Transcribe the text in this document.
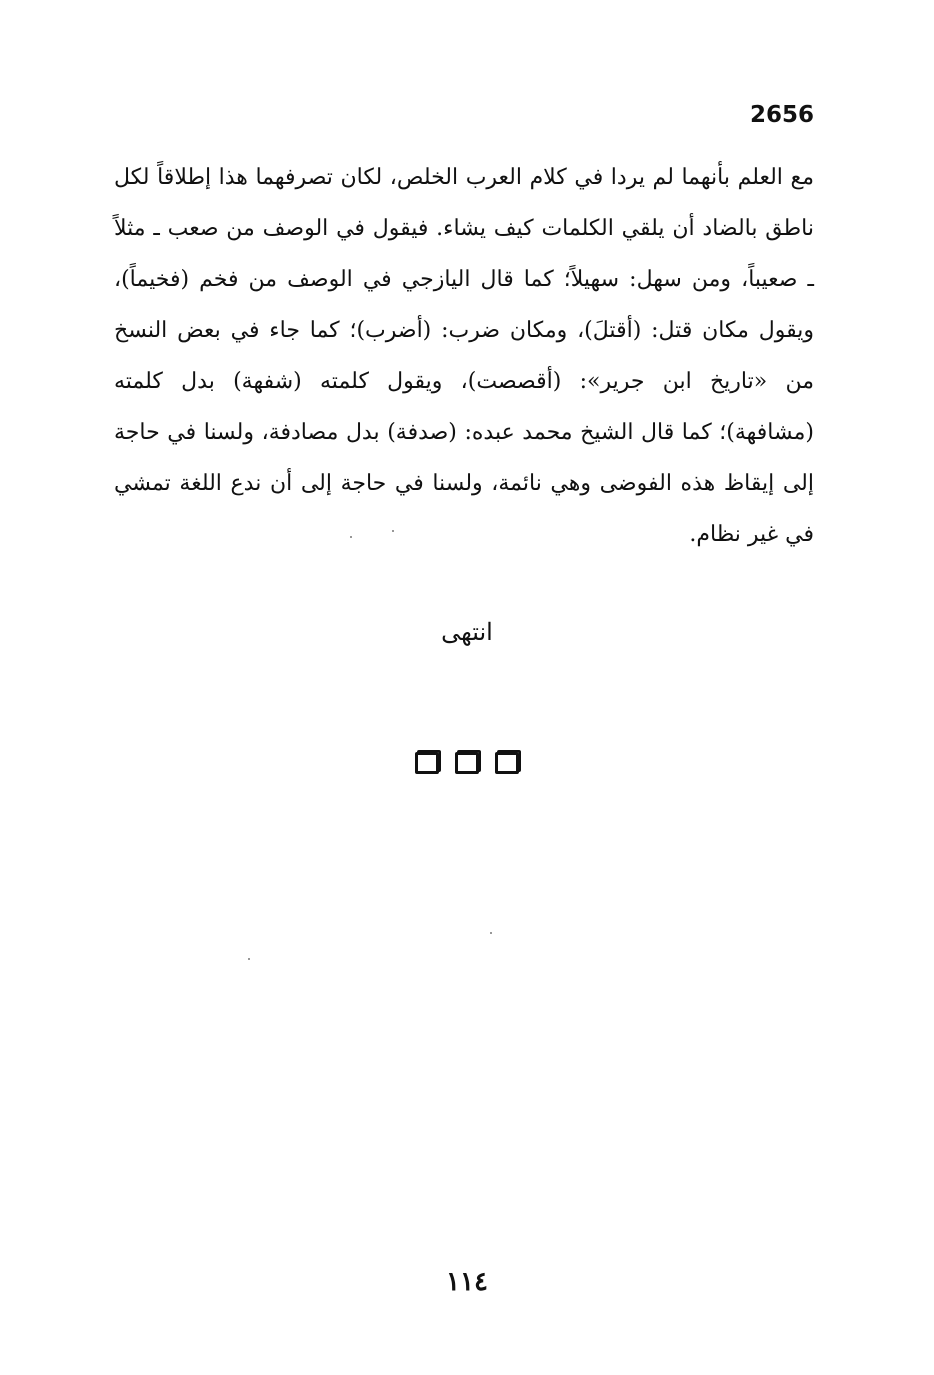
2656

مع العلم بأنهما لم يردا في كلام العرب الخلص، لكان تصرفهما هذا إطلاقاً لكل ناطق بالضاد أن يلقي الكلمات كيف يشاء. فيقول في الوصف من صعب ـ مثلاً ـ صعيباً، ومن سهل: سهيلاً؛ كما قال اليازجي في الوصف من فخم (فخيماً)، ويقول مكان قتل: (أقتلَ)، ومكان ضرب: (أضرب)؛ كما جاء في بعض النسخ من «تاريخ ابن جرير»: (أقصصت)، ويقول كلمته (شفهة) بدل كلمته (مشافهة)؛ كما قال الشيخ محمد عبده: (صدفة) بدل مصادفة، ولسنا في حاجة إلى إيقاظ هذه الفوضى وهي نائمة، ولسنا في حاجة إلى أن ندع اللغة تمشي في غير نظام.

انتهى

١١٤
